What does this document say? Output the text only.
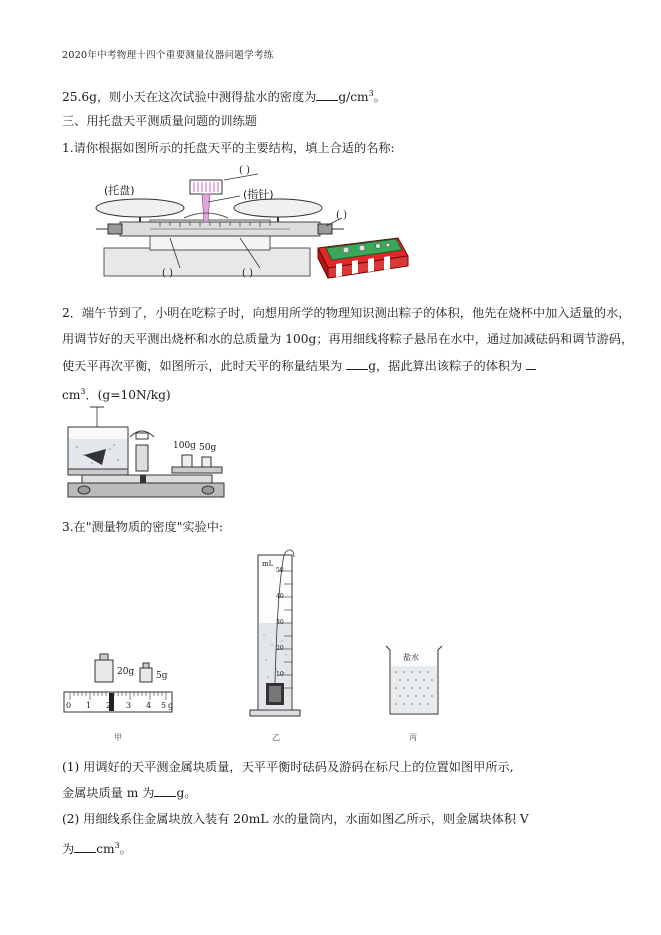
2020年中考物理十四个重要测量仪器问题学考练
25.6g，则小天在这次试验中测得盐水的密度为 $g/cm^3$。
三、用托盘天平测质量问题的训练题
1.请你根据如图所示的托盘天平的主要结构，填上合适的名称:
(托盘)	(指针)
( )
( )
( )	( )
2．端午节到了，小明在吃粽子时，向想用所学的物理知识测出粽子的体积，他先在烧杯中加入适量的水，
用调节好的天平测出烧杯和水的总质量为 100g；再用细线将粽子悬吊在水中，通过加减砝码和调节游码，
使天平再次平衡，如图所示，此时天平的称量结果为 g，据此算出该粽子的体积为
$cm^3$．(g=10N/kg)
100g 50g
3.在"测量物质的密度"实验中:
20g 5g
0 1 2 3 4 5 g
甲
mL
50
40
30
20
10
乙
盐水
丙
(1) 用调好的天平测金属块质量，天平平衡时砝码及游码在标尺上的位置如图甲所示,
金属块质量 m 为 g。
(2) 用细线系住金属块放入装有 20mL 水的量筒内，水面如图乙所示，则金属块体积 V
为 $cm^3$。
